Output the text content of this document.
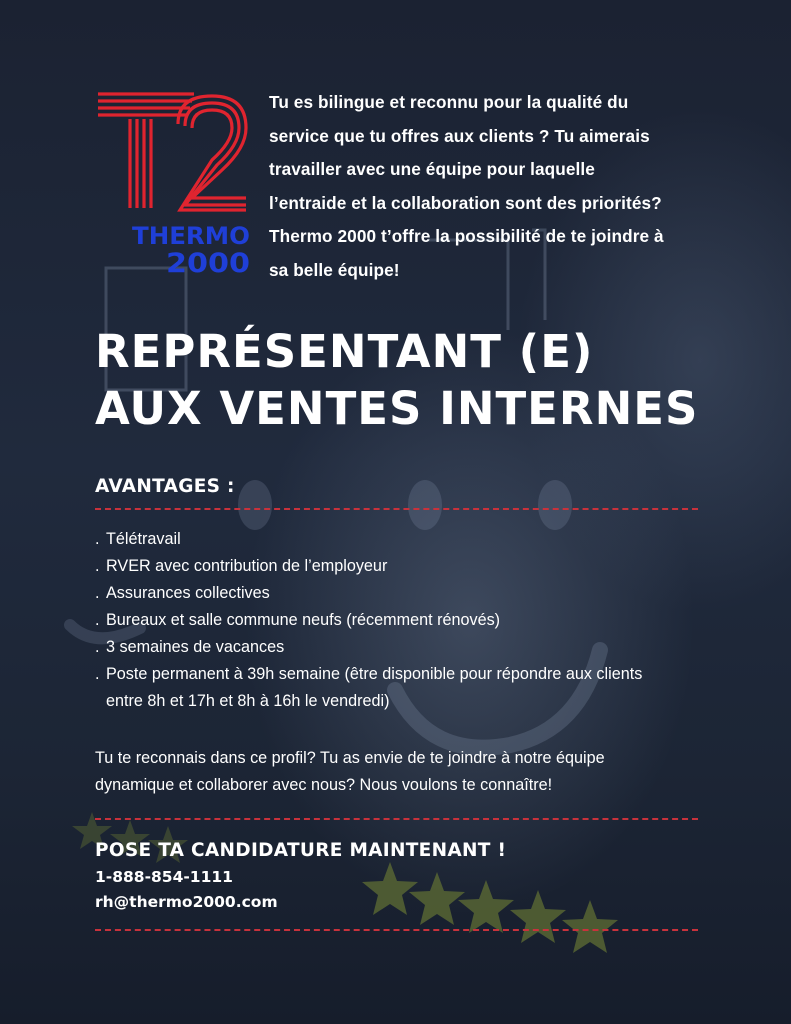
THERMO
2000

Tu es bilingue et reconnu pour la qualité du
service que tu offres aux clients ? Tu aimerais
travailler avec une équipe pour laquelle
l’entraide et la collaboration sont des priorités?
Thermo 2000 t’offre la possibilité de te joindre à
sa belle équipe!

REPRÉSENTANT (E)
AUX VENTES INTERNES
AVANTAGES :
. Télétravail
. RVER avec contribution de l’employeur
. Assurances collectives
. Bureaux et salle commune neufs (récemment rénovés)
. 3 semaines de vacances
. Poste permanent à 39h semaine (être disponible pour répondre aux clients
entre 8h et 17h et 8h à 16h le vendredi)

Tu te reconnais dans ce profil? Tu as envie de te joindre à notre équipe
dynamique et collaborer avec nous? Nous voulons te connaître!

POSE TA CANDIDATURE MAINTENANT !

1-888-854-1111

rh@thermo2000.com
